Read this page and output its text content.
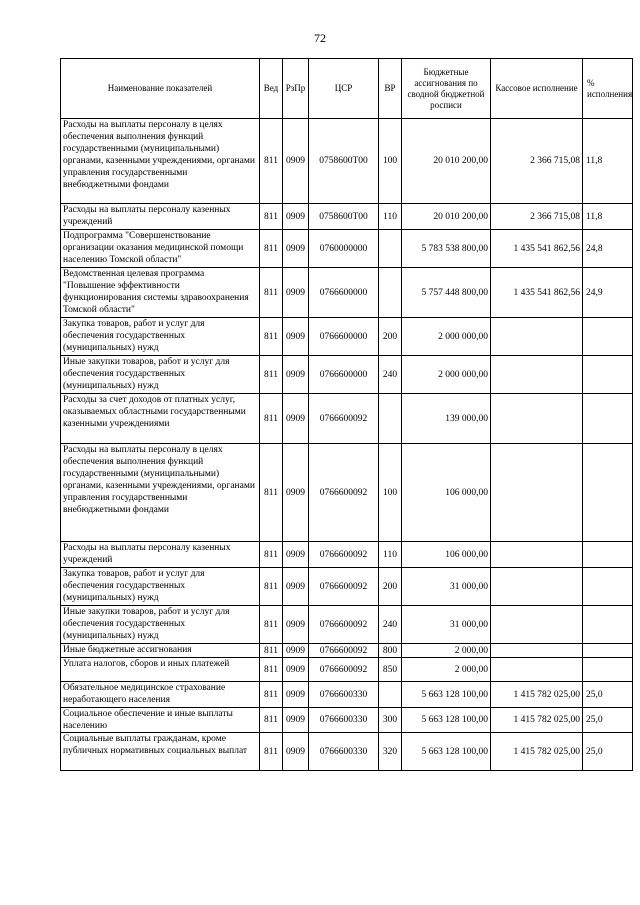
72
Наименование показателей	Вед	РзПр	ЦСР	ВР	Бюджетные ассигнования по сводной бюджетной росписи	Кассовое исполнение	% исполнения
Расходы на выплаты персоналу в целях обеспечения выполнения функций государственными (муниципальными) органами, казенными учреждениями, органами управления государственными внебюджетными фондами	811	0909	0758600Т00	100	20 010 200,00	2 366 715,08	11,8
Расходы на выплаты персоналу казенных учреждений	811	0909	0758600Т00	110	20 010 200,00	2 366 715,08	11,8
Подпрограмма "Совершенствование организации оказания медицинской помощи населению Томской области"	811	0909	0760000000		5 783 538 800,00	1 435 541 862,56	24,8
Ведомственная целевая программа "Повышение эффективности функционирования системы здравоохранения Томской области"	811	0909	0766600000		5 757 448 800,00	1 435 541 862,56	24,9
Закупка товаров, работ и услуг для обеспечения государственных (муниципальных) нужд	811	0909	0766600000	200	2 000 000,00		
Иные закупки товаров, работ и услуг для обеспечения государственных (муниципальных) нужд	811	0909	0766600000	240	2 000 000,00		
Расходы за счет доходов от платных услуг, оказываемых областными государственными казенными учреждениями	811	0909	0766600092		139 000,00		
Расходы на выплаты персоналу в целях обеспечения выполнения функций государственными (муниципальными) органами, казенными учреждениями, органами управления государственными внебюджетными фондами	811	0909	0766600092	100	106 000,00		
Расходы на выплаты персоналу казенных учреждений	811	0909	0766600092	110	106 000,00		
Закупка товаров, работ и услуг для обеспечения государственных (муниципальных) нужд	811	0909	0766600092	200	31 000,00		
Иные закупки товаров, работ и услуг для обеспечения государственных (муниципальных) нужд	811	0909	0766600092	240	31 000,00		
Иные бюджетные ассигнования	811	0909	0766600092	800	2 000,00		
Уплата налогов, сборов и иных платежей	811	0909	0766600092	850	2 000,00		
Обязательное медицинское страхование неработающего населения	811	0909	0766600330		5 663 128 100,00	1 415 782 025,00	25,0
Социальное обеспечение и иные выплаты населению	811	0909	0766600330	300	5 663 128 100,00	1 415 782 025,00	25,0
Социальные выплаты гражданам, кроме публичных нормативных социальных выплат	811	0909	0766600330	320	5 663 128 100,00	1 415 782 025,00	25,0
